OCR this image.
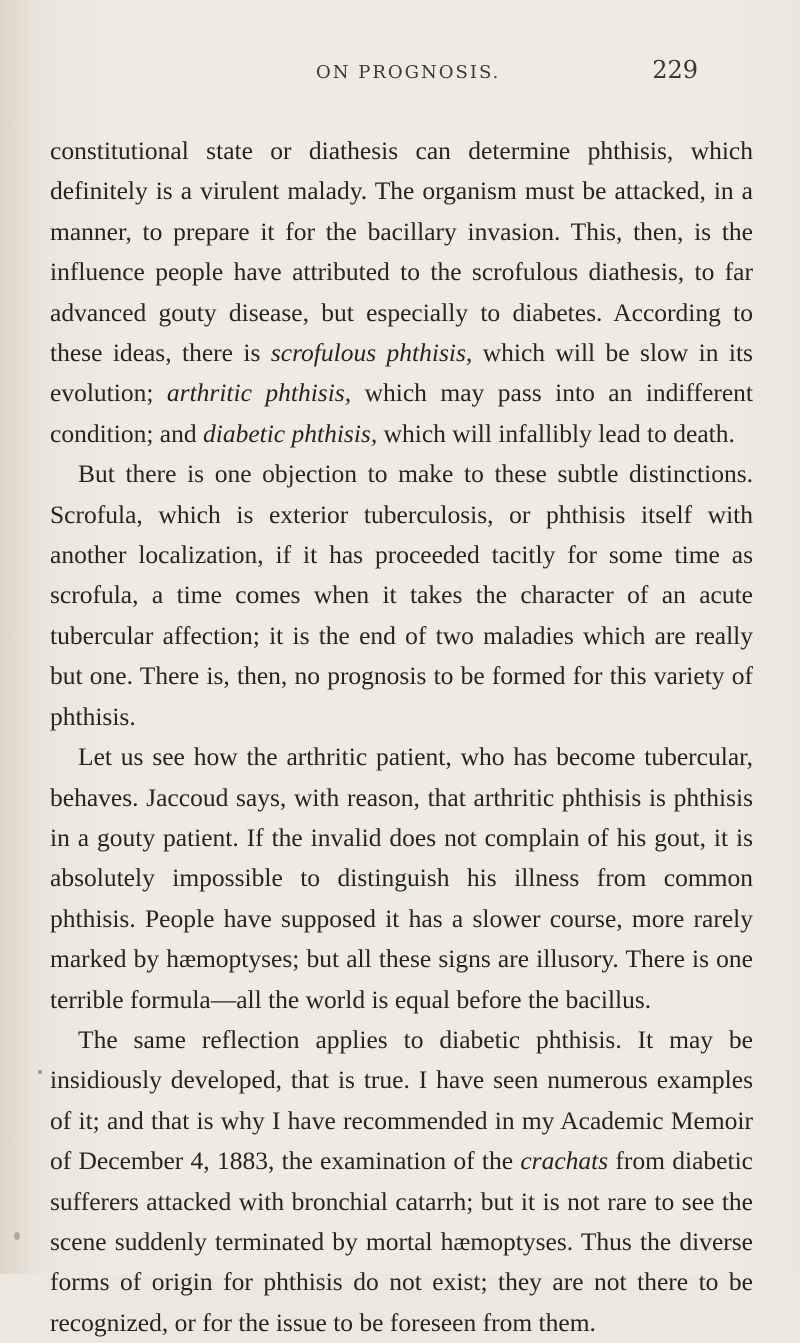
ON PROGNOSIS.	229

constitutional state or diathesis can determine phthisis, which definitely is a virulent malady. The organism must be attacked, in a manner, to prepare it for the bacillary invasion. This, then, is the influence people have attributed to the scrofulous diathesis, to far advanced gouty disease, but especially to diabetes. According to these ideas, there is scrofulous phthisis, which will be slow in its evolution; arthritic phthisis, which may pass into an indifferent condition; and diabetic phthisis, which will infallibly lead to death.

But there is one objection to make to these subtle distinctions. Scrofula, which is exterior tuberculosis, or phthisis itself with another localization, if it has proceeded tacitly for some time as scrofula, a time comes when it takes the character of an acute tubercular affection; it is the end of two maladies which are really but one. There is, then, no prognosis to be formed for this variety of phthisis.

Let us see how the arthritic patient, who has become tubercular, behaves. Jaccoud says, with reason, that arthritic phthisis is phthisis in a gouty patient. If the invalid does not complain of his gout, it is absolutely impossible to distinguish his illness from common phthisis. People have supposed it has a slower course, more rarely marked by hæmoptyses; but all these signs are illusory. There is one terrible formula—all the world is equal before the bacillus.

The same reflection applies to diabetic phthisis. It may be insidiously developed, that is true. I have seen numerous examples of it; and that is why I have recommended in my Academic Memoir of December 4, 1883, the examination of the crachats from diabetic sufferers attacked with bronchial catarrh; but it is not rare to see the scene suddenly terminated by mortal hæmoptyses. Thus the diverse forms of origin for phthisis do not exist; they are not there to be recognized, or for the issue to be foreseen from them.
